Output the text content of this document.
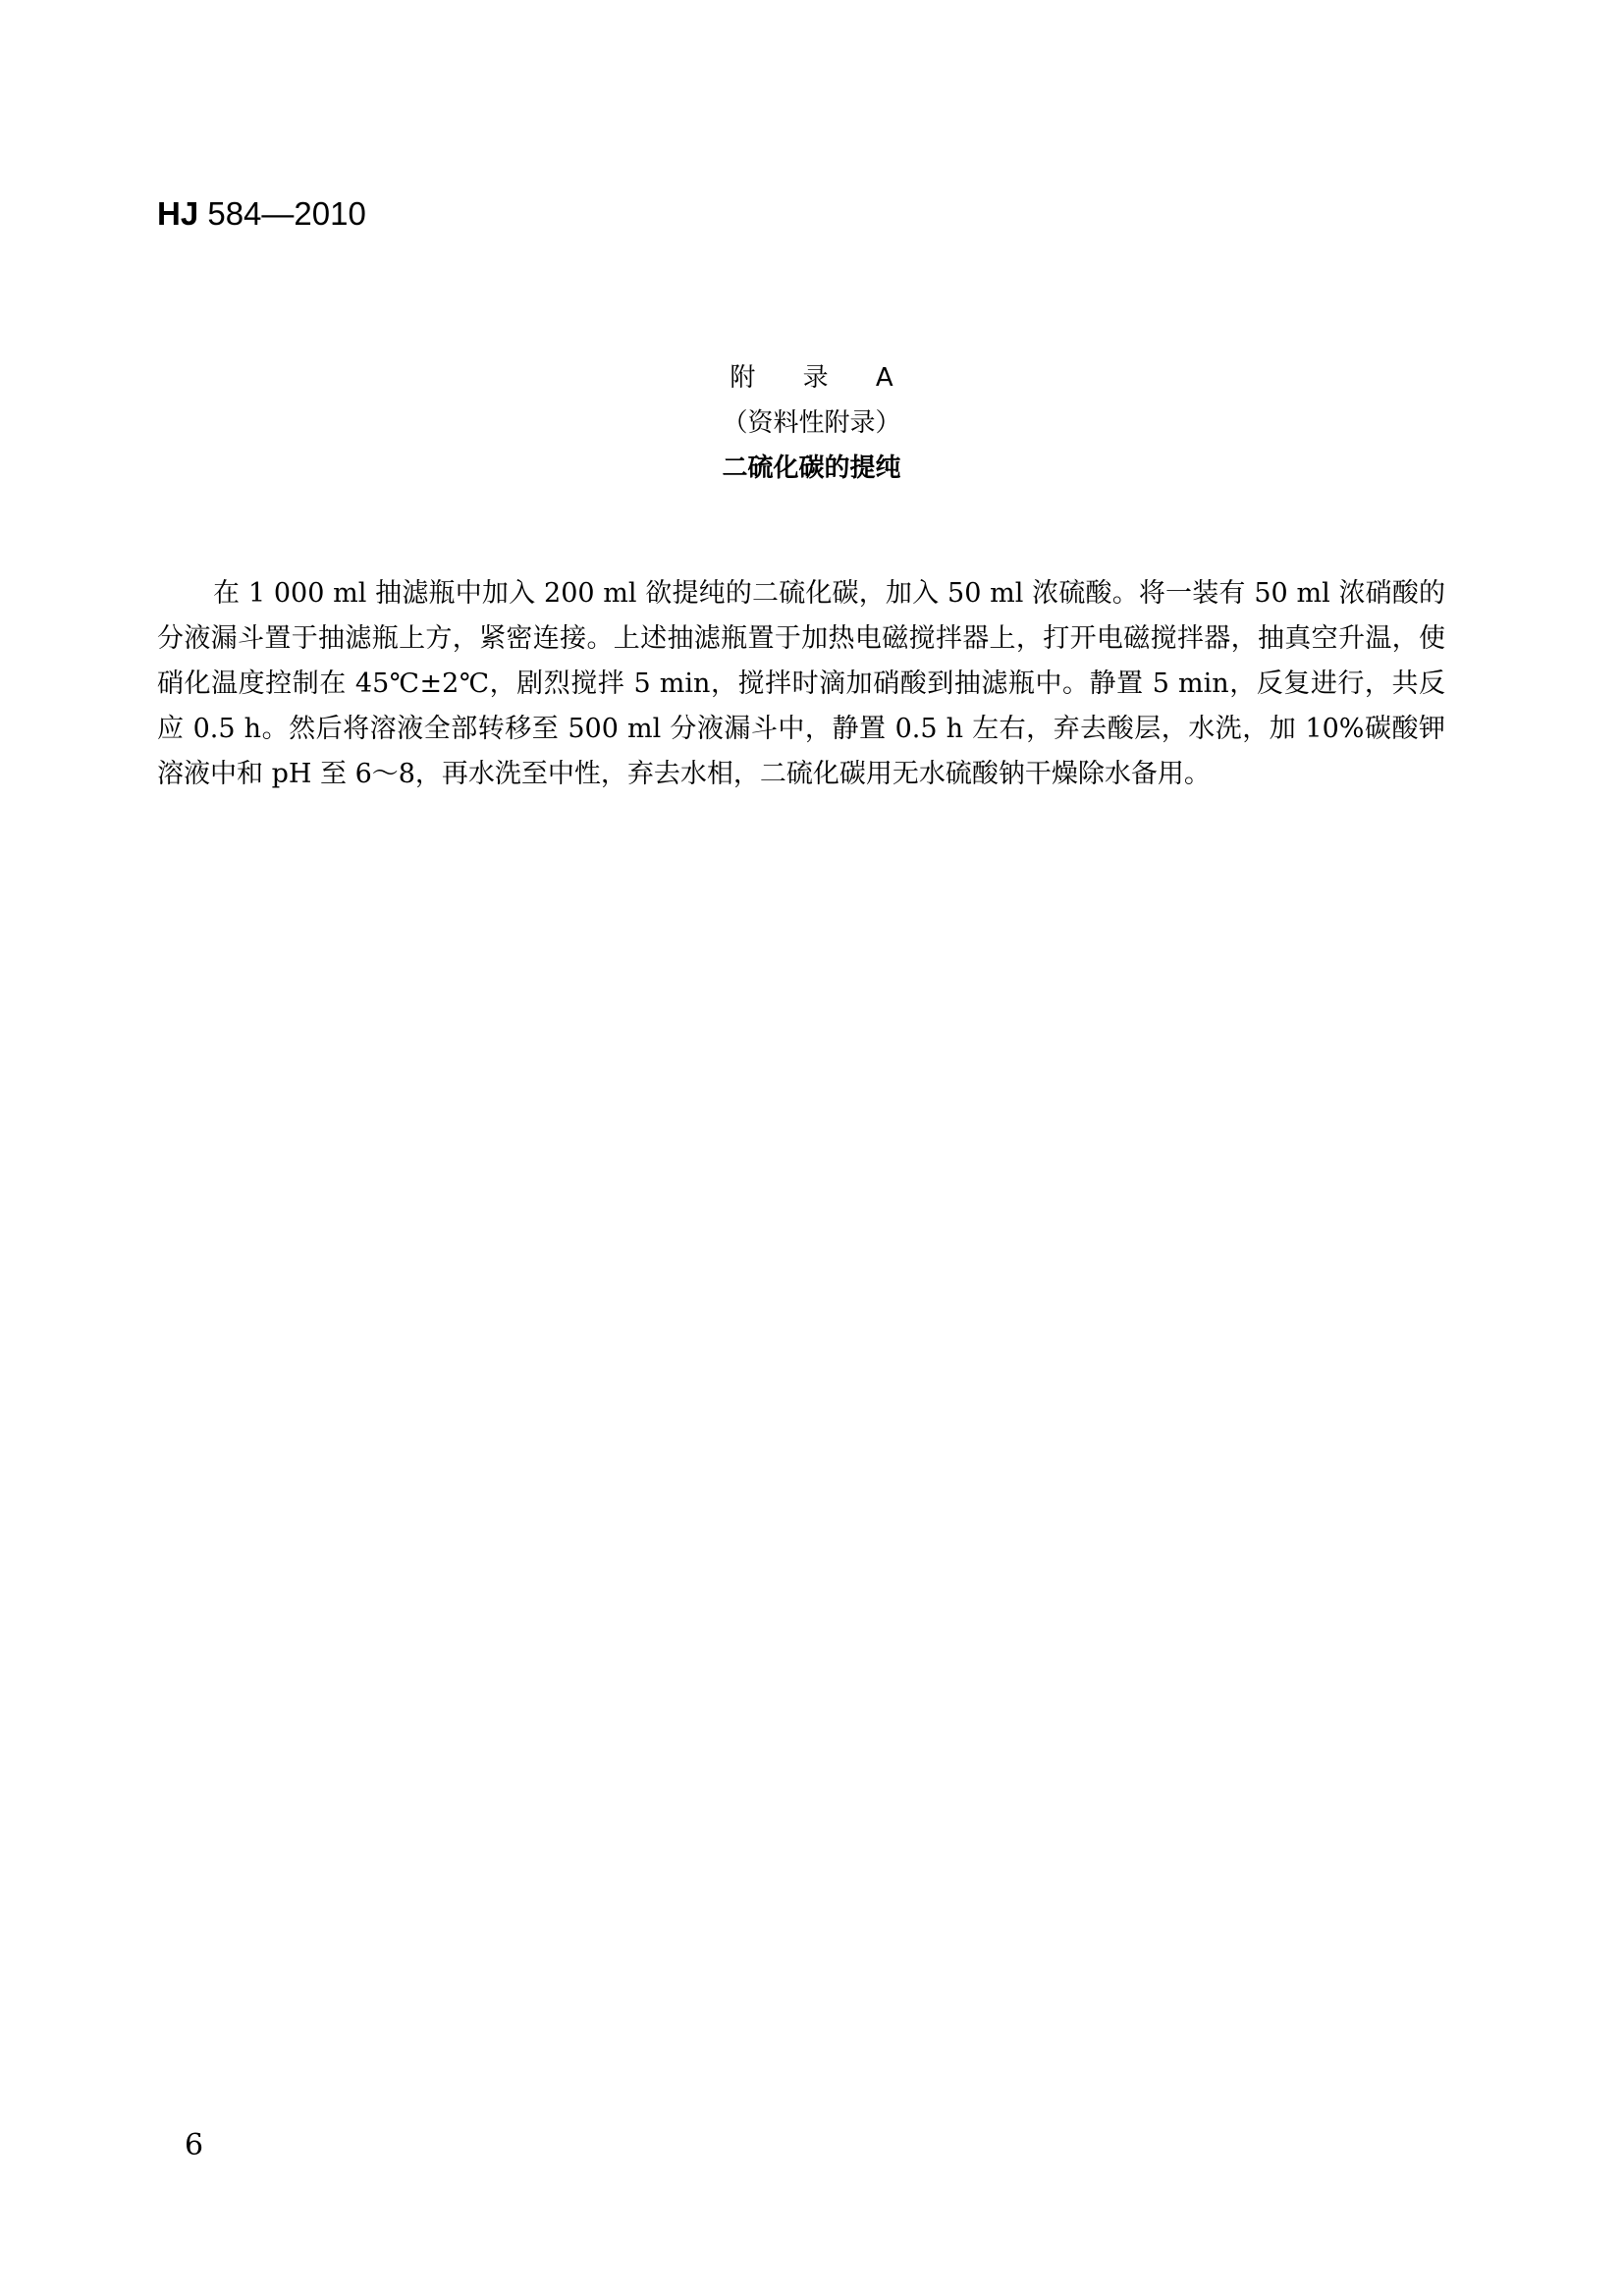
HJ 584—2010
附 录 A
（资料性附录）
二硫化碳的提纯

在 1 000 ml 抽滤瓶中加入 200 ml 欲提纯的二硫化碳，加入 50 ml 浓硫酸。将一装有 50 ml 浓硝酸的分液漏斗置于抽滤瓶上方，紧密连接。上述抽滤瓶置于加热电磁搅拌器上，打开电磁搅拌器，抽真空升温，使硝化温度控制在 45℃±2℃，剧烈搅拌 5 min，搅拌时滴加硝酸到抽滤瓶中。静置 5 min，反复进行，共反应 0.5 h。然后将溶液全部转移至 500 ml 分液漏斗中，静置 0.5 h 左右，弃去酸层，水洗，加 10%碳酸钾溶液中和 pH 至 6～8，再水洗至中性，弃去水相，二硫化碳用无水硫酸钠干燥除水备用。

6
